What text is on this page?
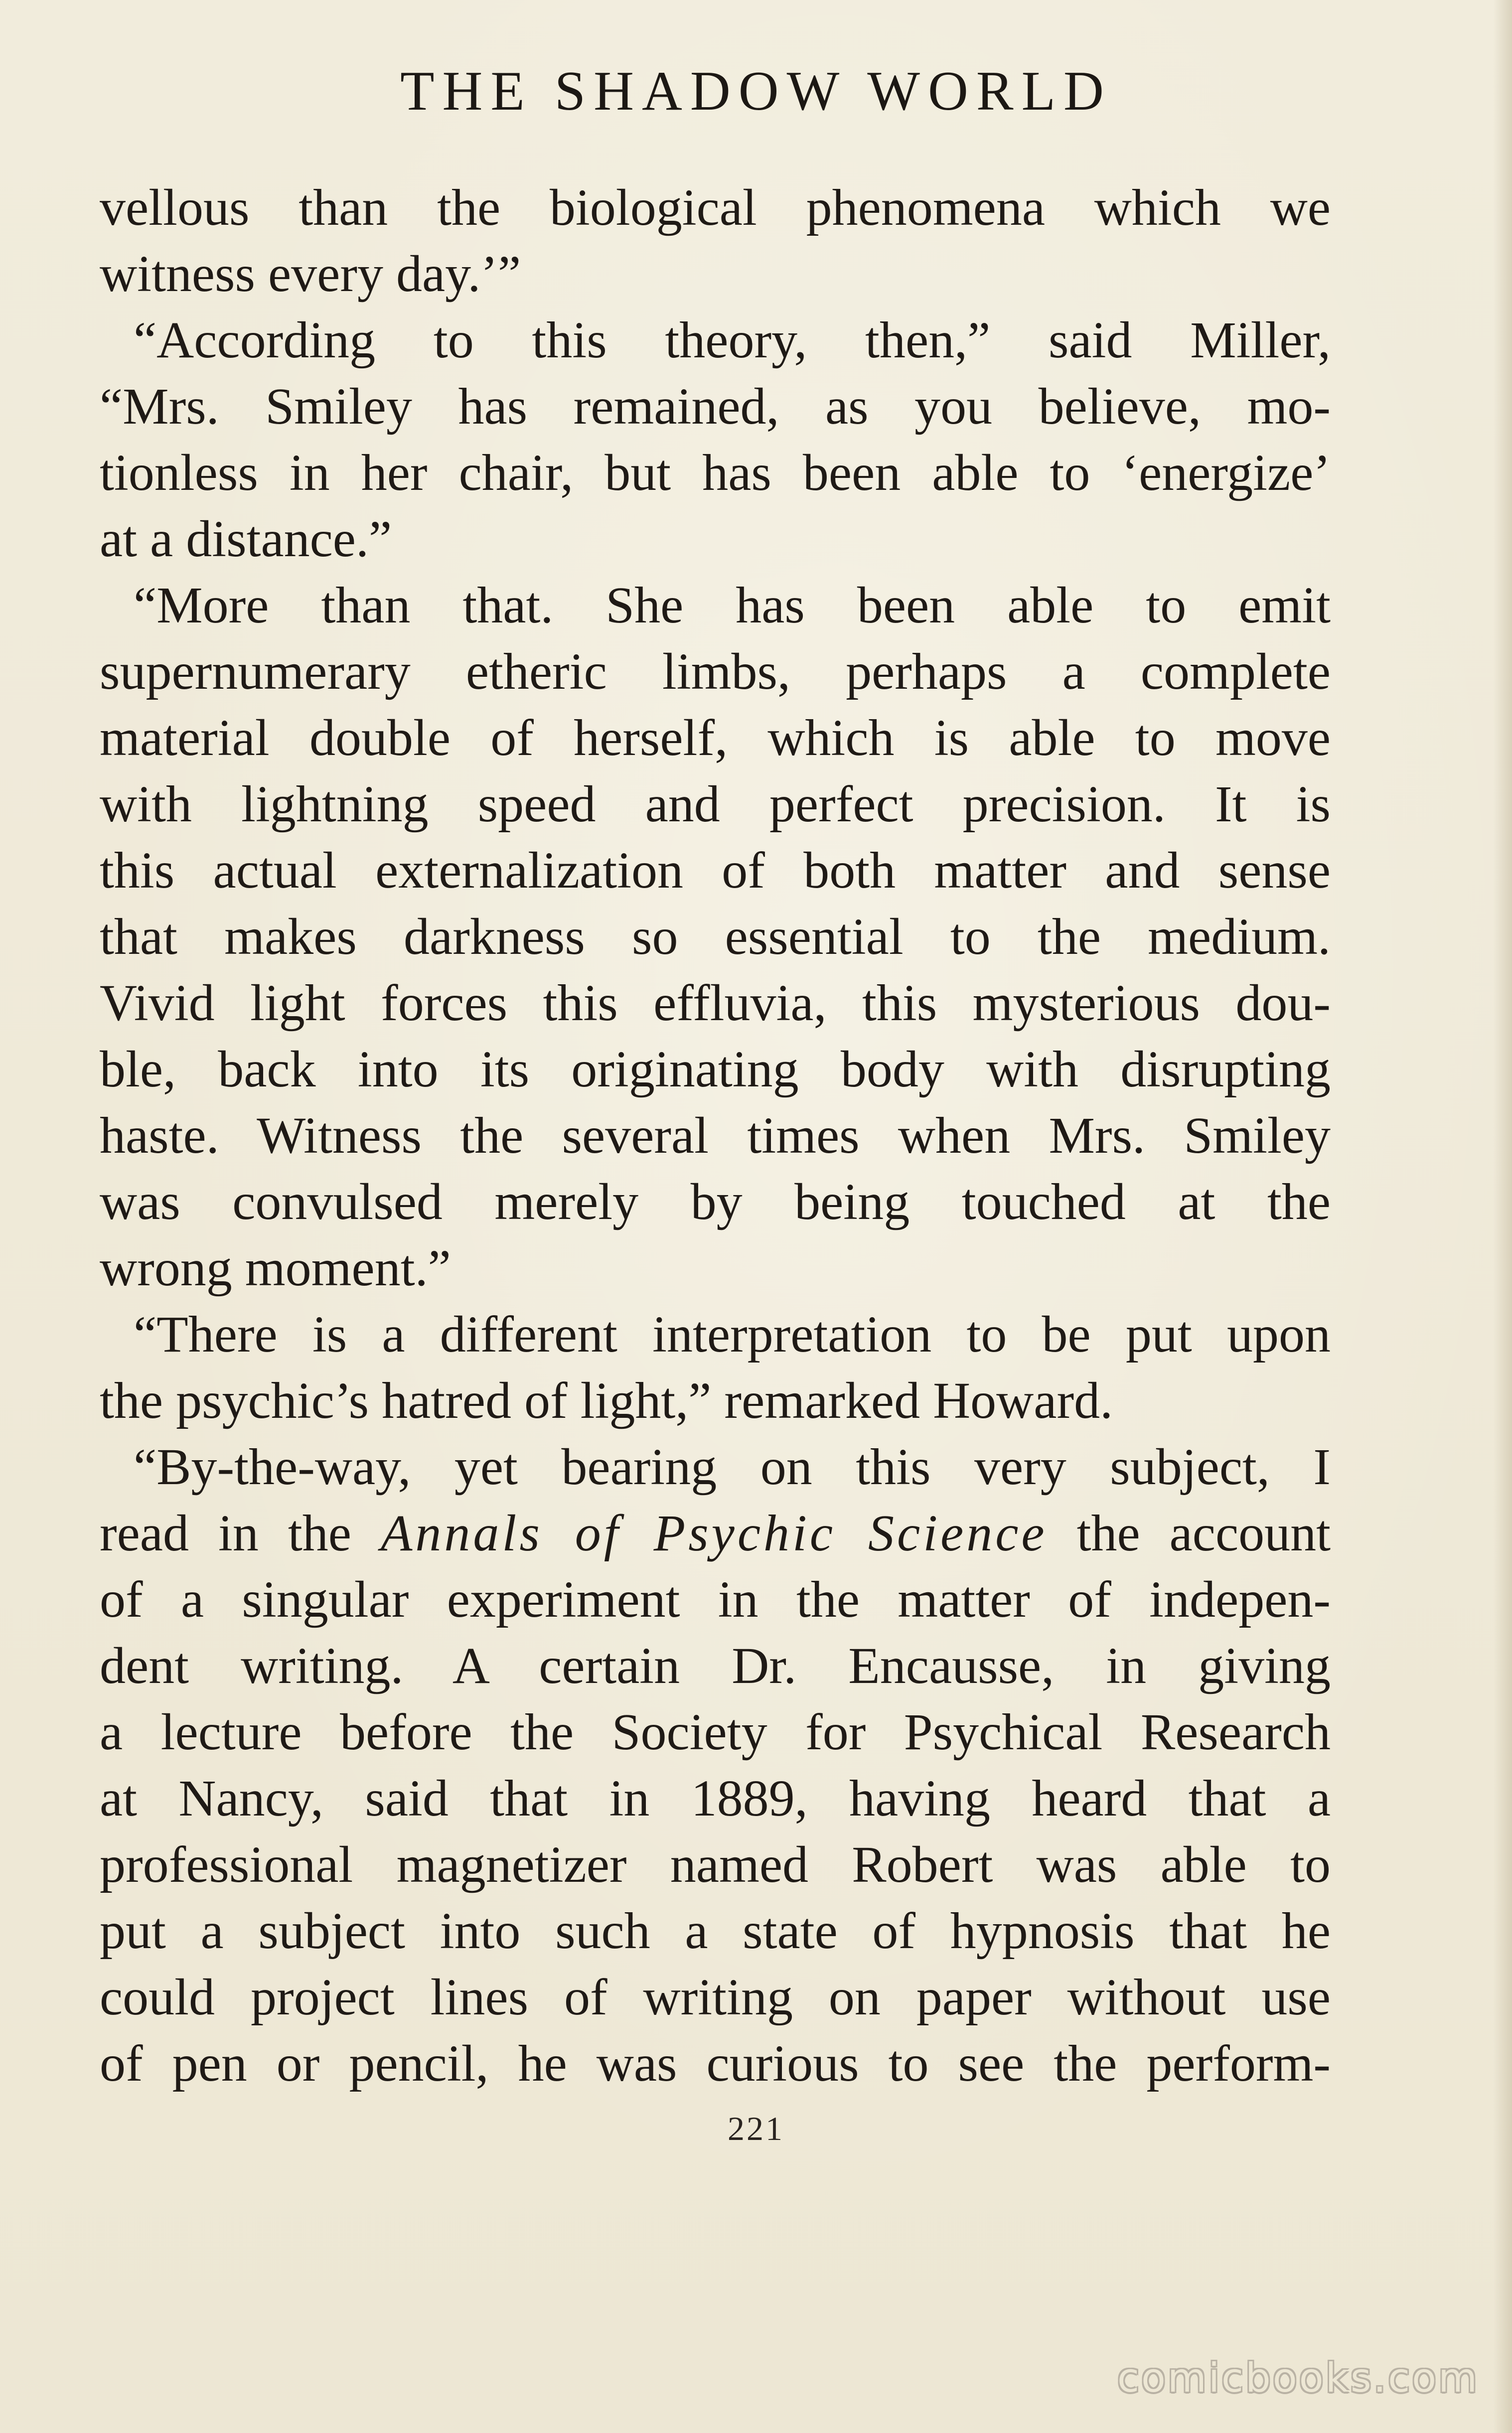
THE SHADOW WORLD
vellous than the biological phenomena which we
witness every day.’”
“According to this theory, then,” said Miller,
“Mrs. Smiley has remained, as you believe, mo-
tionless in her chair, but has been able to ‘energize’
at a distance.”
“More than that. She has been able to emit
supernumerary etheric limbs, perhaps a complete
material double of herself, which is able to move
with lightning speed and perfect precision. It is
this actual externalization of both matter and sense
that makes darkness so essential to the medium.
Vivid light forces this effluvia, this mysterious dou-
ble, back into its originating body with disrupting
haste. Witness the several times when Mrs. Smiley
was convulsed merely by being touched at the
wrong moment.”
“There is a different interpretation to be put upon
the psychic’s hatred of light,” remarked Howard.
“By-the-way, yet bearing on this very subject, I
read in the Annals of Psychic Science the account
of a singular experiment in the matter of indepen-
dent writing. A certain Dr. Encausse, in giving
a lecture before the Society for Psychical Research
at Nancy, said that in 1889, having heard that a
professional magnetizer named Robert was able to
put a subject into such a state of hypnosis that he
could project lines of writing on paper without use
of pen or pencil, he was curious to see the perform-
221
comicbooks.com
